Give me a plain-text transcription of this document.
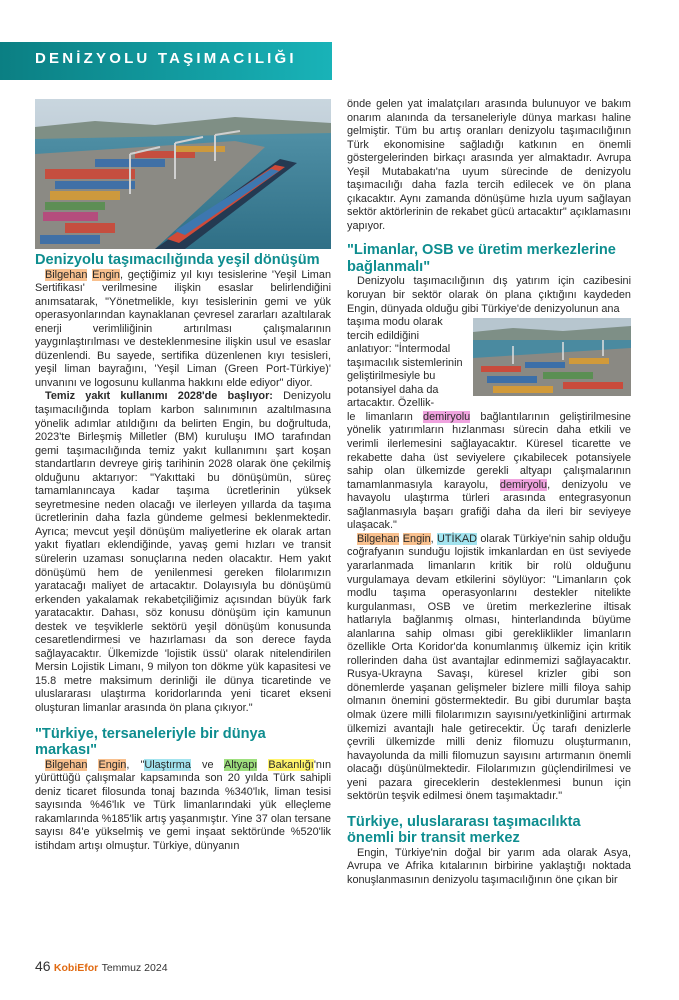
DENİZYOLU TAŞIMACILIĞI

Denizyolu taşımacılığında yeşil dönüşüm

Bilgehan Engin, geçtiğimiz yıl kıyı tesislerine 'Yeşil Liman Sertifikası' verilmesine ilişkin esaslar belirlendiğini anımsatarak, "Yönetmelikle, kıyı tesislerinin gemi ve yük operasyonlarından kaynaklanan çevresel zararları azaltılarak enerji verimliliğinin artırılması çalışmalarının yaygınlaştırılması ve desteklenmesine ilişkin usul ve esaslar düzenlendi. Bu sayede, sertifika düzenlenen kıyı tesisleri, yeşil liman bayrağını, 'Yeşil Liman (Green Port-Türkiye)' unvanını ve logosunu kullanma hakkını elde ediyor" diyor.

Temiz yakıt kullanımı 2028'de başlıyor: Denizyolu taşımacılığında toplam karbon salınımının azaltılmasına yönelik adımlar atıldığını da belirten Engin, bu doğrultuda, 2023'te Birleşmiş Milletler (BM) kuruluşu IMO tarafından gemi taşımacılığında temiz yakıt kullanımını şart koşan standartların devreye giriş tarihinin 2028 olarak öne çekilmiş olduğunu aktarıyor: "Yakıttaki bu dönüşümün, süreç tamamlanıncaya kadar taşıma ücretlerinin yüksek seyretmesine neden olacağı ve ilerleyen yıllarda da taşıma ücretlerinin daha fazla gündeme gelmesi beklenmektedir. Ayrıca; mevcut yeşil dönüşüm maliyetlerine ek olarak artan yakıt fiyatları eklendiğinde, yavaş gemi hızları ve transit sürelerin uzaması sonuçlarına neden olacaktır. Hem yakıt dönüşümü hem de yenilenmesi gereken filolarımızın yaratacağı maliyet de artacaktır. Dolayısıyla bu dönüşümü erkenden yakalamak rekabetçiliğimiz açısından büyük fark yaratacaktır. Dahası, söz konusu dönüşüm için kamunun destek ve teşviklerle sektörü yeşil dönüşüm konusunda cesaretlendirmesi ve hazırlaması da son derece fayda sağlayacaktır. Ülkemizde 'lojistik üssü' olarak nitelendirilen Mersin Lojistik Limanı, 9 milyon ton dökme yük kapasitesi ve 15.8 metre maksimum derinliği ile dünya ticaretinde ve uluslararası ulaştırma koridorlarında yeni ticaret ekseni oluşturan limanlar arasında ön plana çıkıyor."

"Türkiye, tersaneleriyle bir dünya markası"

Bilgehan Engin, "Ulaştırma ve Altyapı Bakanlığı'nın yürüttüğü çalışmalar kapsamında son 20 yılda Türk sahipli deniz ticaret filosunda tonaj bazında %340'lık, liman tesisi sayısında %46'lık ve Türk limanlarındaki yük elleçleme rakamlarında %185'lik artış yaşanmıştır. Yine 37 olan tersane sayısı 84'e yükselmiş ve gemi inşaat sektöründe %520'lik istihdam artışı olmuştur. Türkiye, dünyanın

önde gelen yat imalatçıları arasında bulunuyor ve bakım onarım alanında da tersaneleriyle dünya markası haline gelmiştir. Tüm bu artış oranları denizyolu taşımacılığının Türk ekonomisine sağladığı katkının en önemli göstergelerinden birkaçı arasında yer almaktadır. Avrupa Yeşil Mutabakatı'na uyum sürecinde de denizyolu taşımacılığı daha fazla tercih edilecek ve ön plana çıkacaktır. Aynı zamanda dönüşüme hızla uyum sağlayan sektör aktörlerinin de rekabet gücü artacaktır" açıklamasını yapıyor.

"Limanlar, OSB ve üretim merkezlerine bağlanmalı"

Denizyolu taşımacılığının dış yatırım için cazibesini koruyan bir sektör olarak ön plana çıktığını kaydeden Engin, dünyada olduğu gibi Türkiye'de denizyolunun ana

taşıma modu olarak tercih edildiğini anlatıyor: "İntermodal taşımacılık sistemlerinin geliştirilmesiyle bu potansiyel daha da artacaktır. Özellik-

le limanların demiryolu bağlantılarının geliştirilmesine yönelik yatırımların hızlanması sürecin daha etkili ve verimli ilerlemesini sağlayacaktır. Küresel ticarette ve rekabette daha üst seviyelere çıkabilecek potansiyele sahip olan ülkemizde gerekli altyapı çalışmalarının tamamlanmasıyla karayolu, demiryolu, denizyolu ve havayolu ulaştırma türleri arasında entegrasyonun sağlanmasıyla başarı grafiği daha da ileri bir seviyeye ulaşacak."

Bilgehan Engin, UTİKAD olarak Türkiye'nin sahip olduğu coğrafyanın sunduğu lojistik imkanlardan en üst seviyede yararlanmada limanların kritik bir rolü olduğunu vurgulamaya devam etkilerini söylüyor: "Limanların çok modlu taşıma operasyonlarını destekler nitelikte kurgulanması, OSB ve üretim merkezlerine iltisak hatlarıyla bağlanmış olması, hinterlandında büyüme alanlarına sahip olması gibi gerekliklikler limanların özellikle Orta Koridor'da konumlanmış ülkemiz için kritik rollerinden daha üst avantajlar edinmemizi sağlayacaktır. Rusya-Ukrayna Savaşı, küresel krizler gibi son dönemlerde yaşanan gelişmeler bizlere milli filoya sahip olmanın önemini göstermektedir. Bu gibi durumlar başta olmak üzere milli filolarımızın sayısını/yetkinliğini artırmak ülkemizi avantajlı hale getirecektir. Üç tarafı denizlerle çevrili ülkemizde milli deniz filomuzu oluşturmanın, havayolunda da milli filomuzun sayısını artırmanın önemli olacağı düşünülmektedir. Filolarımızın güçlendirilmesi ve yeni pazara gireceklerin desteklenmesi bunun için sektörün teşvik edilmesi önem taşımaktadır."

Türkiye, uluslararası taşımacılıkta önemli bir transit merkez

Engin, Türkiye'nin doğal bir yarım ada olarak Asya, Avrupa ve Afrika kıtalarının birbirine yaklaştığı noktada konuşlanmasının denizyolu taşımacılığının öne çıkan bir

46 KobiEfor Temmuz 2024
